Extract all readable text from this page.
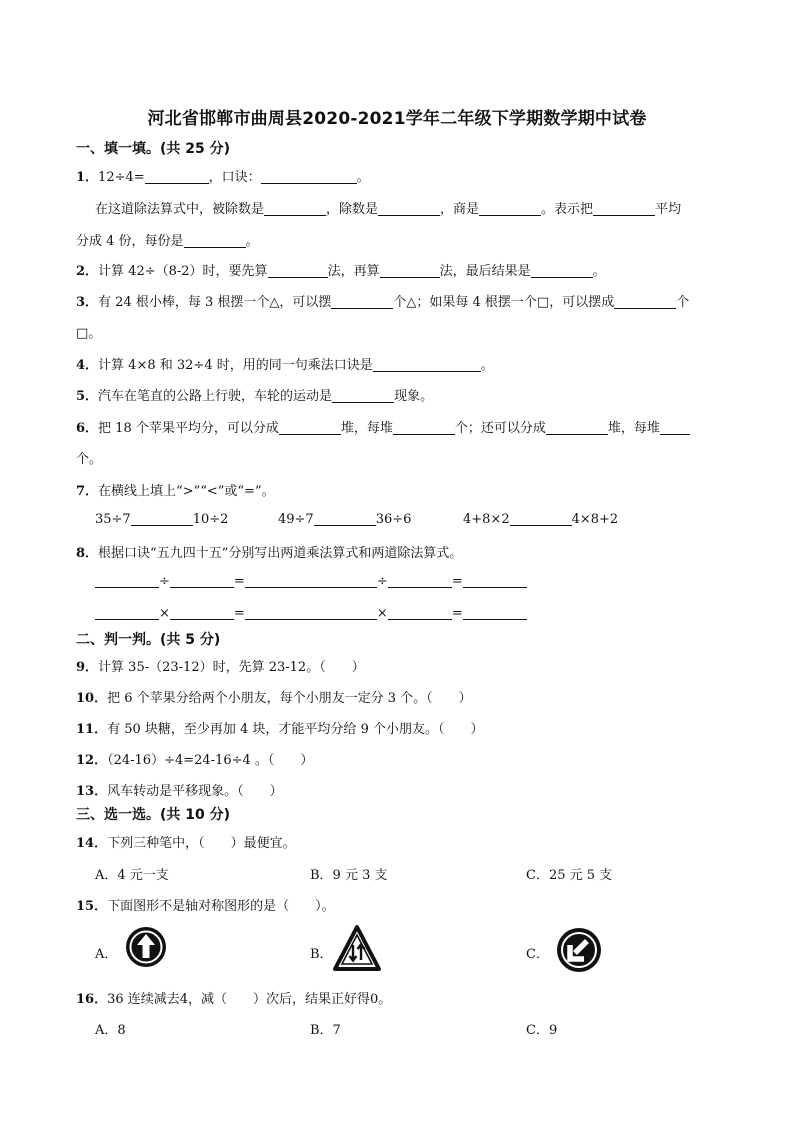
河北省邯郸市曲周县2020-2021学年二年级下学期数学期中试卷
一、填一填。(共 25 分)
1．12÷4=	，口诀：	。
在这道除法算式中，被除数是	，除数是	，商是	。表示把	平均
分成 4 份，每份是	。
2．计算 42÷（8-2）时，要先算	法，再算	法，最后结果是	。
3．有 24 根小棒，每 3 根摆一个△，可以摆	个△；如果每 4 根摆一个□，可以摆成	个
□。
4．计算 4×8 和 32÷4 时，用的同一句乘法口诀是	。
5．汽车在笔直的公路上行驶，车轮的运动是	现象。
6．把 18 个苹果平均分，可以分成	堆，每堆	个；还可以分成	堆，每堆
个。
7．在横线上填上“>”“<”或“=”。
35÷7	10÷2	49÷7	36÷6	4+8×2	4×8+2
8．根据口诀“五九四十五”分别写出两道乘法算式和两道除法算式。
÷	=	÷	=
×	=	×	=
二、判一判。(共 5 分)
9．计算 35-（23-12）时，先算 23-12。（　　）
10．把 6 个苹果分给两个小朋友，每个小朋友一定分 3 个。（　　）
11．有 50 块糖，至少再加 4 块，才能平均分给 9 个小朋友。（　　）
12．（24-16）÷4=24-16÷4 。（　　）
13．风车转动是平移现象。（　　）
三、选一选。(共 10 分)
14．下列三种笔中，（　　）最便宜。
A．4 元一支	B．9 元 3 支	C．25 元 5 支
15．下面图形不是轴对称图形的是（　　）。
A．	B．	C．
16．36 连续减去4，减（　　）次后，结果正好得0。
A．8	B．7	C．9
